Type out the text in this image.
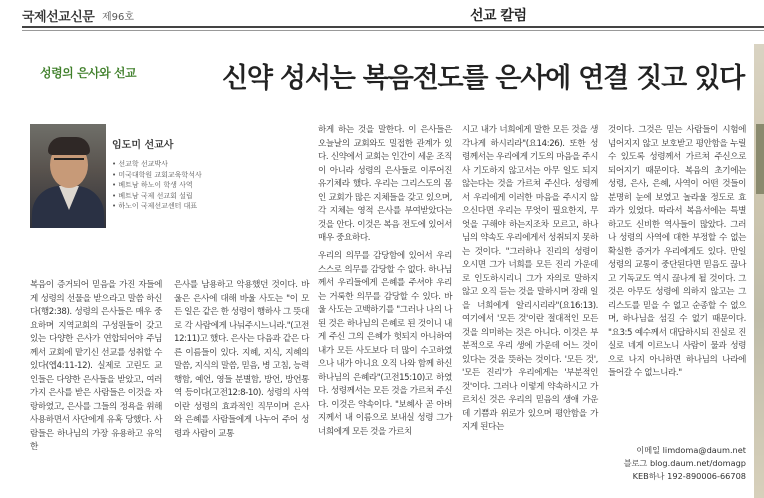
국제선교신문 제96호	선교 칼럼
성령의 은사와 선교	신약 성서는 복음전도를 은사에 연결 짓고 있다
임도미 선교사
• 선교학 선교박사
• 미국대학원 교회교육학석사
• 베트남 하노이 학생 사역
• 베트남 국제 선교회 설립
• 하노이 국제선교센터 대표

복음이 증거되어 믿음을 가진 자들에게 성령의 선물을 받으라고 말씀 하신다(행2:38). 성령의 은사들은 매우 중요하며 지역교회의 구성원들이 갖고 있는 다양한 은사가 연합되어야 주님께서 교회에 맡기신 선교를 성취할 수 있다(엡4:11-12). 실제로 고린도 교인들은 다양한 은사들을 받았고, 여러가지 은사를 받은 사람들은 이것을 자랑하였고, 은사를 그들의 정욕을 위해 사용하면서 사단에게 유혹 당했다. 사람들은 하나님의 가장 유용하고 유익한

은사를 남용하고 악용했던 것이다. 바울은 은사에 대해 바울 사도는 "이 모든 일은 같은 한 성령이 행하사 그 뜻대로 각 사람에게 나눠주시느니라."(고전12:11)고 했다. 은사는 다음과 같은 다른 이름들이 있다. 지혜, 지식, 지혜의 말씀, 지식의 말씀, 믿음, 병 고침, 능력 행함, 예언, 영들 분별함, 방언, 방언통역 등이다(고전12:8-10). 성령의 사역이란 성령의 효과적인 직무이며 은사와 은혜를 사람들에게 나누어 주어 성령과 사람이 교통

하게 하는 것을 말한다. 이 은사들은 오늘날의 교회와도 밀접한 관계가 있다. 신약에서 교회는 인간이 세운 조직이 아니라 성령의 은사들로 이루어진 유기체라 했다. 우리는 그리스도의 몸인 교회가 많은 지체들을 갖고 있으며, 각 지체는 영적 은사를 부여받았다는 것을 안다. 이것은 복음 전도에 있어서 매우 중요하다.

우리의 의무를 감당함에 있어서 우리 스스로 의무를 감당할 수 없다. 하나님께서 우리들에게 은혜를 주셔야 우리는 거룩한 의무를 감당할 수 있다. 바울 사도는 고백하기를 "그러나 나의 나 된 것은 하나님의 은혜로 된 것이니 내게 주신 그의 은혜가 헛되지 아니하여 내가 모든 사도보다 더 많이 수고하였으나 내가 아니요 오직 나와 함께 하신 하나님의 은혜라"(고전15:10)고 하였다. 성령께서는 모든 것을 가르쳐 주신다. 이것은 약속이다. "보혜사 곧 아버지께서 내 이름으로 보내실 성령 그가 너희에게 모든 것을 가르치

시고 내가 너희에게 말한 모든 것을 생각나게 하시리라"(요14:26). 또한 성령께서는 우리에게 기도의 마음을 주시사 기도하지 않고서는 아무 일도 되지 않는다는 것을 가르쳐 주신다. 성령께서 우리에게 이러한 마음을 주시지 않으신다면 우리는 무엇이 필요한지, 무엇을 구해야 하는지조차 모르고, 하나님의 약속도 우리에게서 성취되지 못하는 것이다. "그러하나 진리의 성령이 오시면 그가 너희를 모든 진리 가운데로 인도하시리니 그가 자의로 말하지 않고 오직 듣는 것을 말하시며 장래 일을 너희에게 알리시리라"(요16:13). 여기에서 '모든 것'이란 절대적인 모든 것을 의미하는 것은 아니다. 이것은 부분적으로 우리 생에 가운데 어느 것이 있다는 것을 뜻하는 것이다. '모든 것', '모든 진리'가 우리에게는 '부분적인 것'이다. 그러나 이렇게 약속하시고 가르치신 것은 우리의 믿음의 생애 가운데 기쁨과 위로가 있으며 평안함을 가지게 된다는

것이다. 그것은 믿는 사람들이 시험에 넘어지지 않고 보호받고 평안함을 누릴 수 있도록 성령께서 가르쳐 주신으로 되어지기 때문이다. 복음의 초기에는 성령, 은사, 은혜, 사역이 어떤 것들이 분명히 눈에 보였고 놀라울 정도로 효과가 있었다. 따라서 복음서에는 특별하고도 신비한 역사들이 많았다. 그러나 성령의 사역에 대한 부정할 수 없는 확실한 증거가 우리에게도 있다. 만일 성령의 교통이 중단된다면 믿음도 끊나고 기독교도 역시 끊나게 될 것이다. 그것은 아무도 성령에 의하지 않고는 그리스도를 믿을 수 없고 순종할 수 없으며, 하나님을 섬길 수 없기 때문이다. "요3:5 예수께서 대답하시되 진실로 진실로 네게 이르노니 사람이 물과 성령으로 나지 아니하면 하나님의 나라에 들어갈 수 없느니라."

이메일 limdoma@daum.net
블로그 blog.daum.net/domagp
KEB하나 192-890006-66708
